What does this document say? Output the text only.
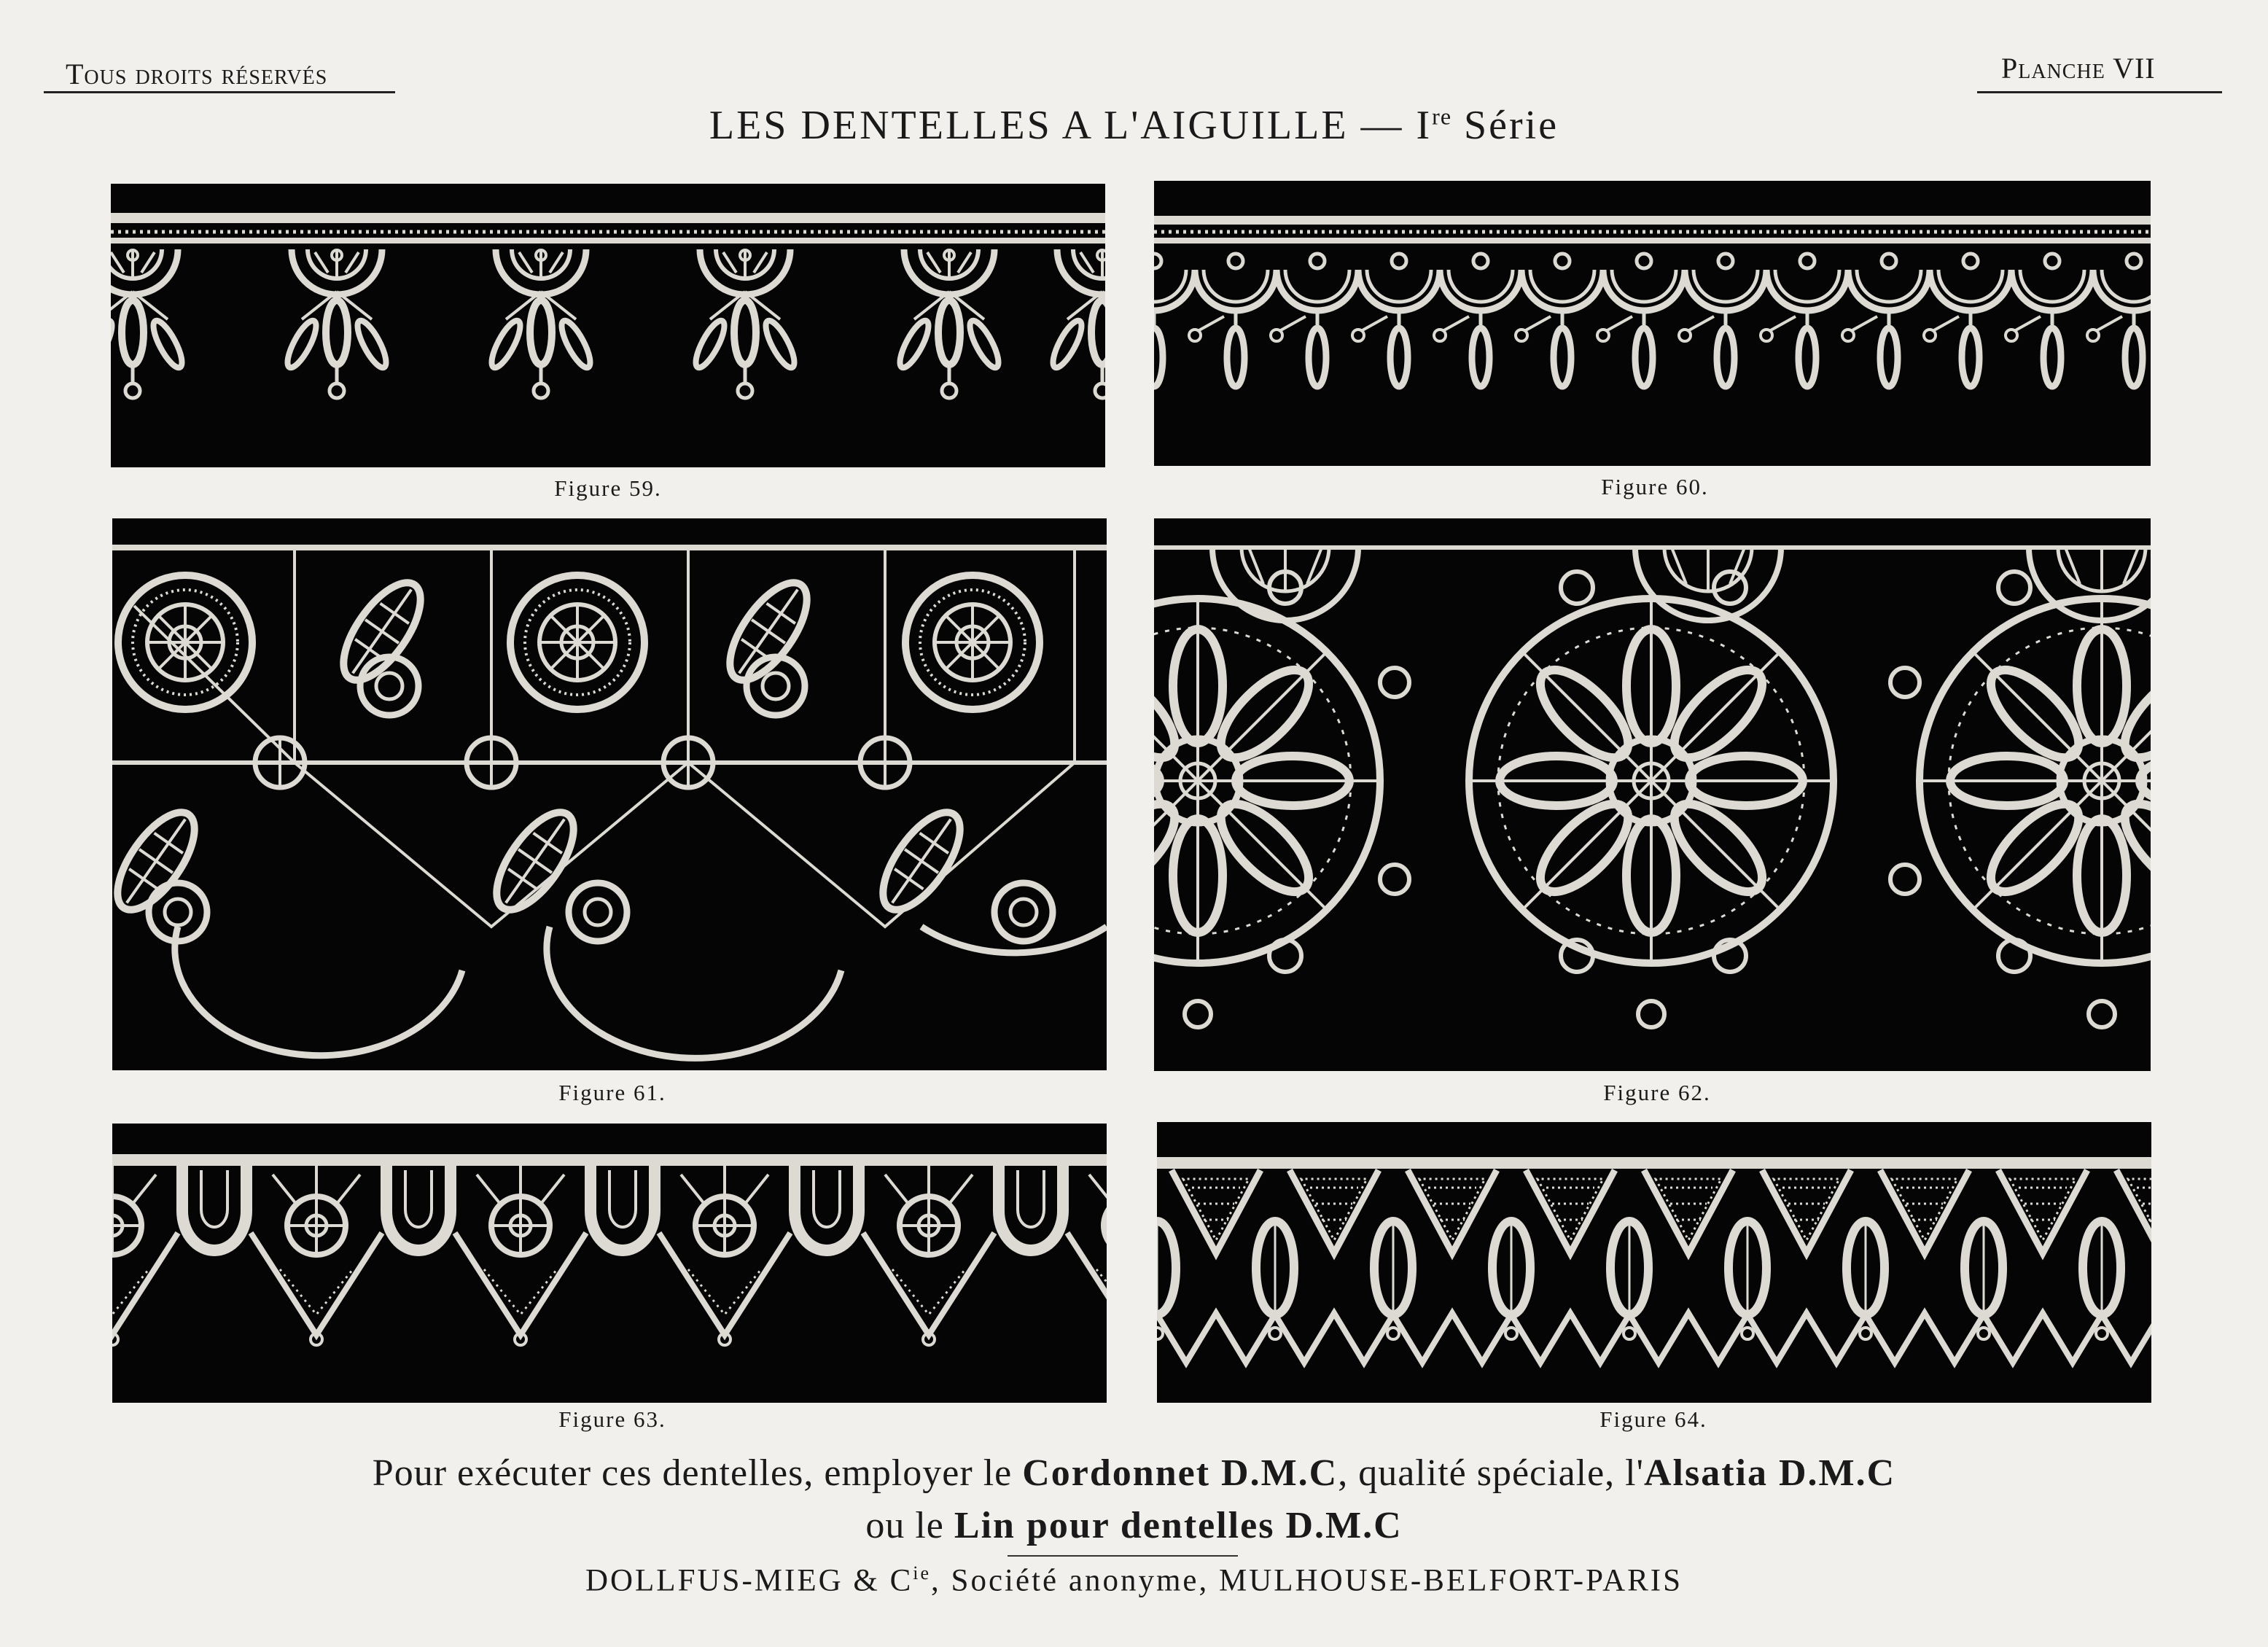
Tous droits réservés	Planche VII
LES DENTELLES A L'AIGUILLE — Ire Série
Figure 59.	Figure 60.
Figure 61.	Figure 62.
Figure 63.	Figure 64.
Pour exécuter ces dentelles, employer le Cordonnet D.M.C, qualité spéciale, l'Alsatia D.M.C
ou le Lin pour dentelles D.M.C
DOLLFUS-MIEG & $C^{ie}$, Société anonyme, MULHOUSE-BELFORT-PARIS
